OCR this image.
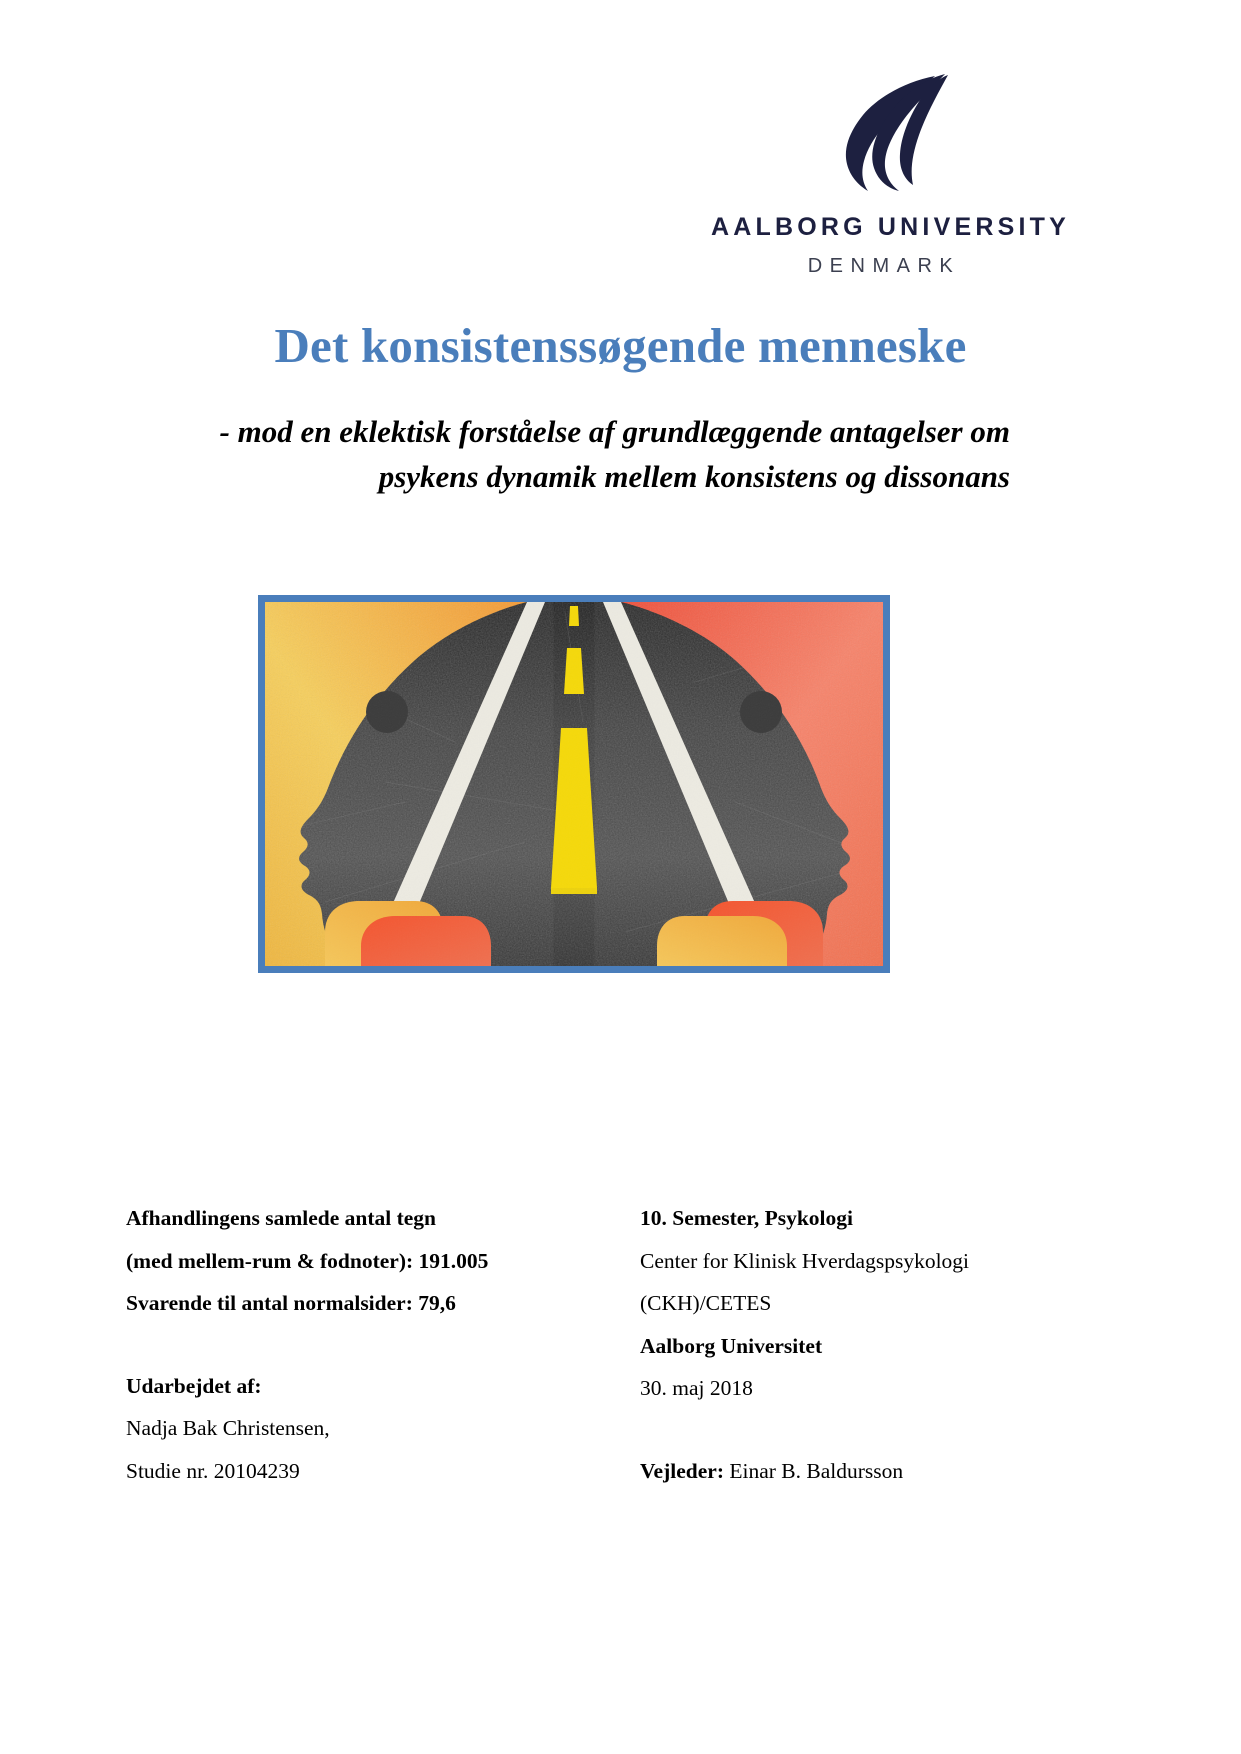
AALBORG UNIVERSITY
DENMARK
Det konsistenssøgende menneske
- mod en eklektisk forståelse af grundlæggende antagelser om
psykens dynamik mellem konsistens og dissonans
Afhandlingens samlede antal tegn
(med mellem-rum & fodnoter): 191.005
Svarende til antal normalsider: 79,6
Udarbejdet af:
Nadja Bak Christensen,
Studie nr. 20104239
10. Semester, Psykologi
Center for Klinisk Hverdagspsykologi
(CKH)/CETES
Aalborg Universitet
30. maj 2018
Vejleder: Einar B. Baldursson
